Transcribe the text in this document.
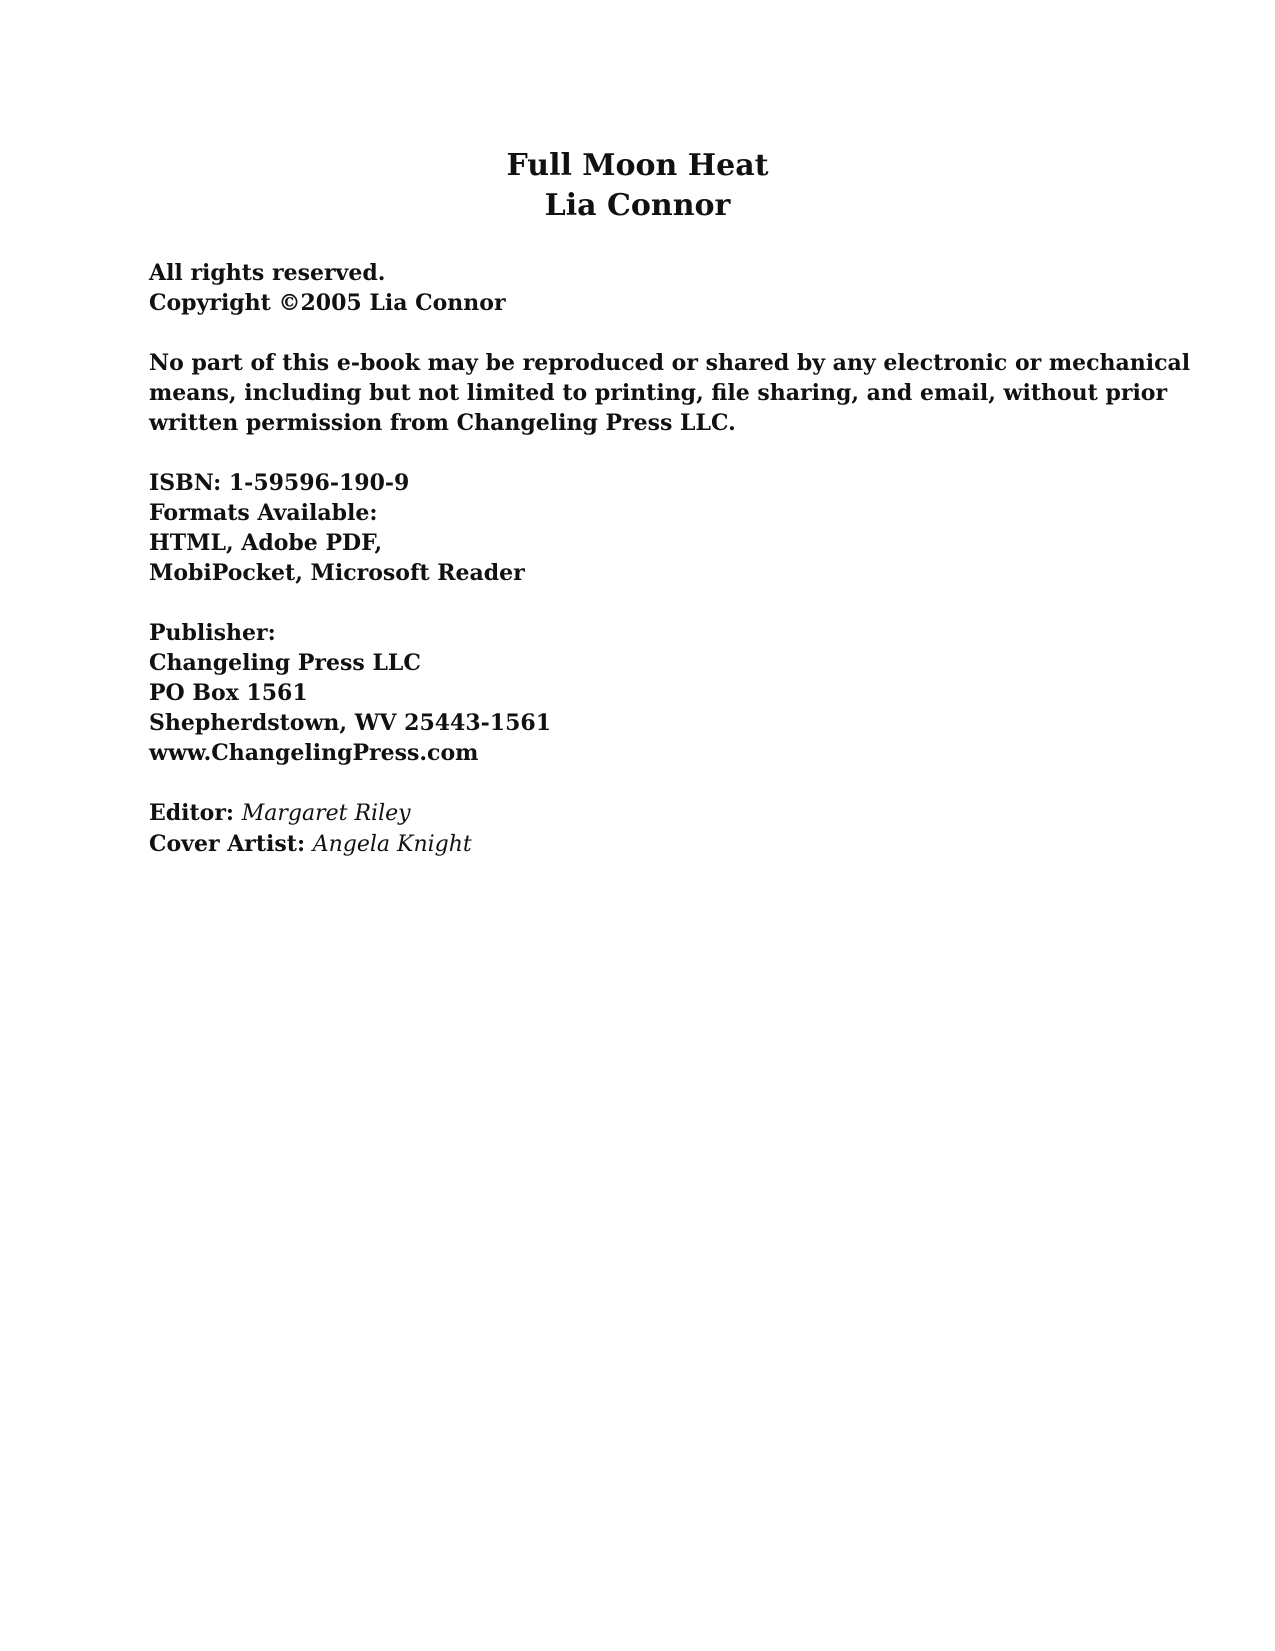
Full Moon Heat
Lia Connor
All rights reserved.
Copyright ©2005 Lia Connor
No part of this e-book may be reproduced or shared by any electronic or mechanical
means, including but not limited to printing, file sharing, and email, without prior
written permission from Changeling Press LLC.
ISBN: 1-59596-190-9
Formats Available:
HTML, Adobe PDF,
MobiPocket, Microsoft Reader
Publisher:
Changeling Press LLC
PO Box 1561
Shepherdstown, WV 25443-1561
www.ChangelingPress.com
Editor: Margaret Riley
Cover Artist: Angela Knight
